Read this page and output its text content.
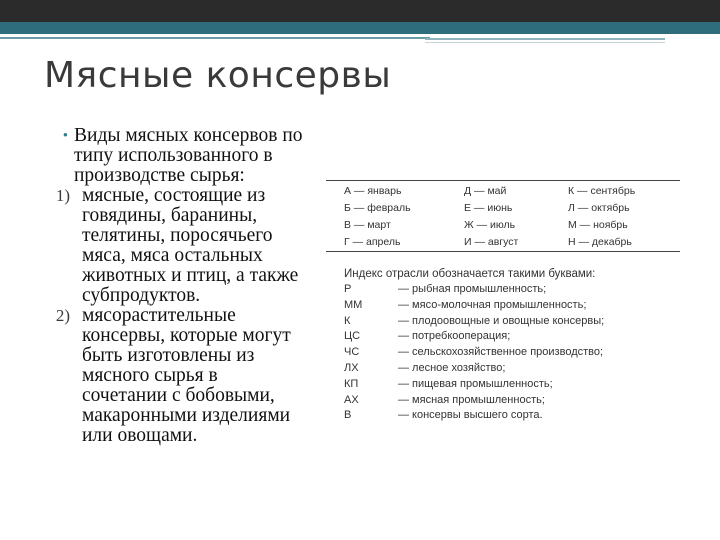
Мясные консервы
• Виды мясных консервов по
типу использованного в
производстве сырья:
1) мясные, состоящие из
говядины, баранины,
телятины, поросячьего
мяса, мяса остальных
животных и птиц, а также
субпродуктов.
2) мясорастительные
консервы, которые могут
быть изготовлены из
мясного сырья в
сочетании с бобовыми,
макаронными изделиями
или овощами.
А — январь	Д — май	К — сентябрь
Б — февраль	Е — июнь	Л — октябрь
В — март	Ж — июль	М — ноябрь
Г — апрель	И — август	Н — декабрь
Индекс отрасли обозначается такими буквами:
Р	— рыбная промышленность;
ММ	— мясо-молочная промышленность;
К	— плодоовощные и овощные консервы;
ЦС	— потребкооперация;
ЧС	— сельскохозяйственное производство;
ЛХ	— лесное хозяйство;
КП	— пищевая промышленность;
АХ	— мясная промышленность;
В	— консервы высшего сорта.
